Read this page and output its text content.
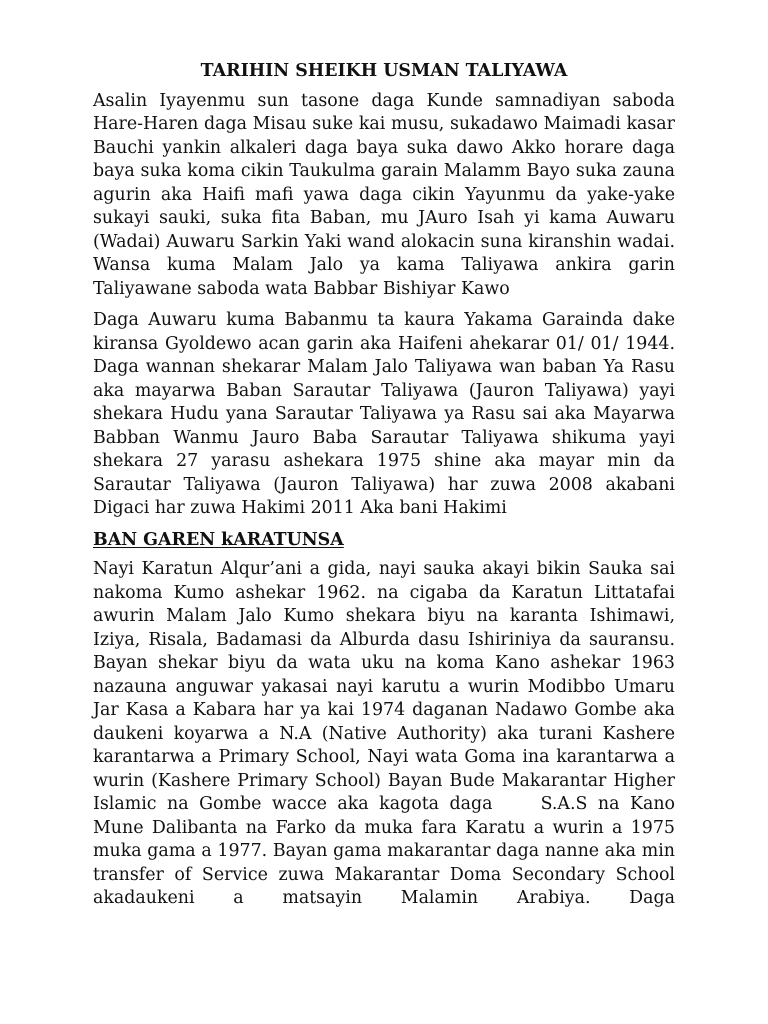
TARIHIN SHEIKH USMAN TALIYAWA

Asalin Iyayenmu sun tasone daga Kunde samnadiyan saboda Hare-Haren daga Misau suke kai musu, sukadawo Maimadi kasar Bauchi yankin alkaleri daga baya suka dawo Akko horare daga baya suka koma cikin Taukulma garain Malamm Bayo suka zauna agurin aka Haifi mafi yawa daga cikin Yayunmu da yake-yake sukayi sauki, suka fita Baban, mu JAuro Isah yi kama Auwaru (Wadai) Auwaru Sarkin Yaki wand alokacin suna kiranshin wadai. Wansa kuma Malam Jalo ya kama Taliyawa ankira garin Taliyawane saboda wata Babbar Bishiyar Kawo

Daga Auwaru kuma Babanmu ta kaura Yakama Garainda dake kiransa Gyoldewo acan garin aka Haifeni ahekarar 01/ 01/ 1944. Daga wannan shekarar Malam Jalo Taliyawa wan baban Ya Rasu aka mayarwa Baban Sarautar Taliyawa (Jauron Taliyawa) yayi shekara Hudu yana Sarautar Taliyawa ya Rasu sai aka Mayarwa Babban Wanmu Jauro Baba Sarautar Taliyawa shikuma yayi shekara 27 yarasu ashekara 1975 shine aka mayar min da Sarautar Taliyawa (Jauron Taliyawa) har zuwa 2008 akabani Digaci har zuwa Hakimi 2011 Aka bani Hakimi

BAN GAREN kARATUNSA

Nayi Karatun Alqur’ani a gida, nayi sauka akayi bikin Sauka sai nakoma Kumo ashekar 1962. na cigaba da Karatun Littatafai awurin Malam Jalo Kumo shekara biyu na karanta Ishimawi, Iziya, Risala, Badamasi da Alburda dasu Ishiriniya da sauransu. Bayan shekar biyu da wata uku na koma Kano ashekar 1963 nazauna anguwar yakasai nayi karutu a wurin Modibbo Umaru Jar Kasa a Kabara har ya kai 1974 daganan Nadawo Gombe aka daukeni koyarwa a N.A (Native Authority) aka turani Kashere karantarwa a Primary School, Nayi wata Goma ina karantarwa a wurin (Kashere Primary School) Bayan Bude Makarantar Higher Islamic na Gombe wacce aka kagota daga	S.A.S na Kano Mune Dalibanta na Farko da muka fara Karatu a wurin a 1975 muka gama a 1977. Bayan gama makarantar daga nanne aka min transfer of Service zuwa Makarantar Doma Secondary School akadaukeni a matsayin Malamin Arabiya. Daga
